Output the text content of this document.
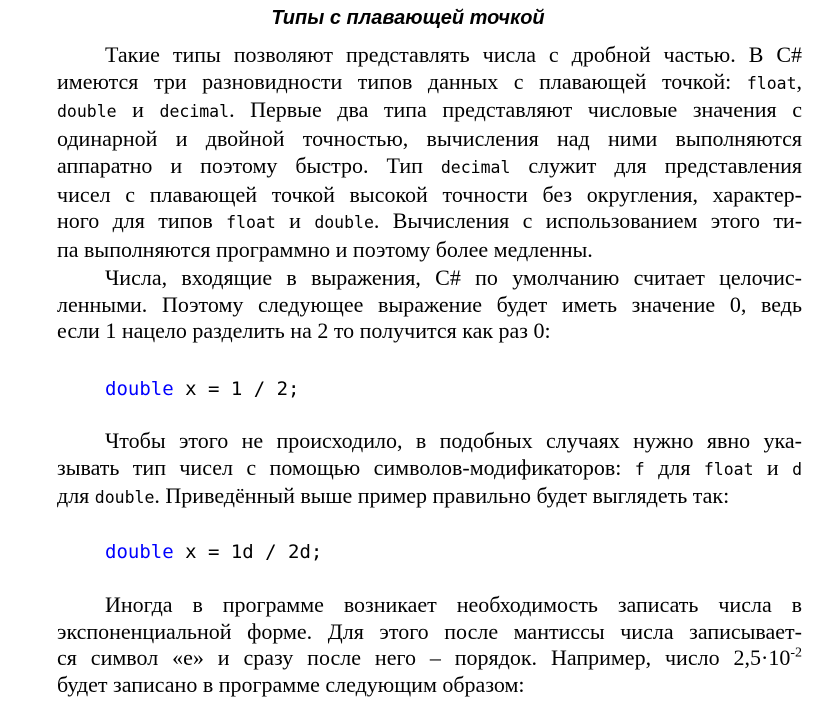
Типы с плавающей точкой
Такие типы позволяют представлять числа с дробной частью. В C#
имеются три разновидности типов данных с плавающей точкой: float,
double и decimal. Первые два типа представляют числовые значения с
одинарной и двойной точностью, вычисления над ними выполняются
аппаратно и поэтому быстро. Тип decimal служит для представления
чисел с плавающей точкой высокой точности без округления, характер-
ного для типов float и double. Вычисления с использованием этого ти-
па выполняются программно и поэтому более медленны.
Числа, входящие в выражения, C# по умолчанию считает целочис-
ленными. Поэтому следующее выражение будет иметь значение 0, ведь
если 1 нацело разделить на 2 то получится как раз 0:
double x = 1 / 2;
Чтобы этого не происходило, в подобных случаях нужно явно ука-
зывать тип чисел с помощью символов-модификаторов: f для float и d
для double. Приведённый выше пример правильно будет выглядеть так:
double x = 1d / 2d;
Иногда в программе возникает необходимость записать числа в
экспоненциальной форме. Для этого после мантиссы числа записывает-
ся символ «e» и сразу после него – порядок. Например, число $2,5\cdot 10^{-2}$
будет записано в программе следующим образом:
